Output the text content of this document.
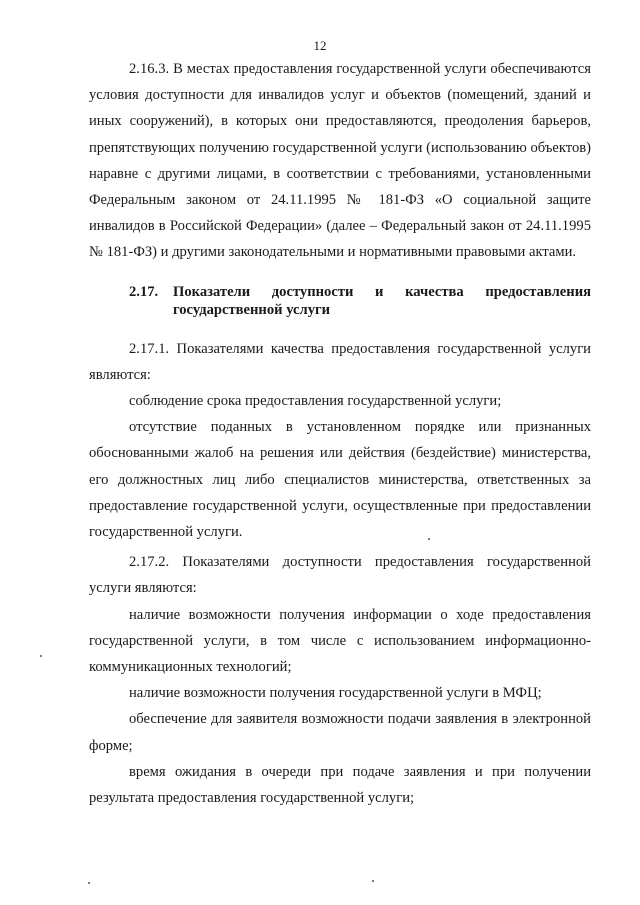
12

2.16.3. В местах предоставления государственной услуги обеспечиваются условия доступности для инвалидов услуг и объектов (помещений, зданий и иных сооружений), в которых они предоставляются, преодоления барьеров, препятствующих получению государственной услуги (использованию объектов) наравне с другими лицами, в соответствии с требованиями, установленными Федеральным законом от 24.11.1995 № 181-ФЗ «О социальной защите инвалидов в Российской Федерации» (далее – Федеральный закон от 24.11.1995 № 181-ФЗ) и другими законодательными и нормативными правовыми актами.

2.17.	Показатели доступности и качества предоставления
государственной услуги

2.17.1. Показателями качества предоставления государственной услуги являются:

соблюдение срока предоставления государственной услуги;

отсутствие поданных в установленном порядке или признанных обоснованными жалоб на решения или действия (бездействие) министерства, его должностных лиц либо специалистов министерства, ответственных за предоставление государственной услуги, осуществленные при предоставлении государственной услуги.

2.17.2. Показателями доступности предоставления государственной услуги являются:

наличие возможности получения информации о ходе предоставления государственной услуги, в том числе с использованием информационно-коммуникационных технологий;

наличие возможности получения государственной услуги в МФЦ;

обеспечение для заявителя возможности подачи заявления в электронной форме;

время ожидания в очереди при подаче заявления и при получении результата предоставления государственной услуги;
